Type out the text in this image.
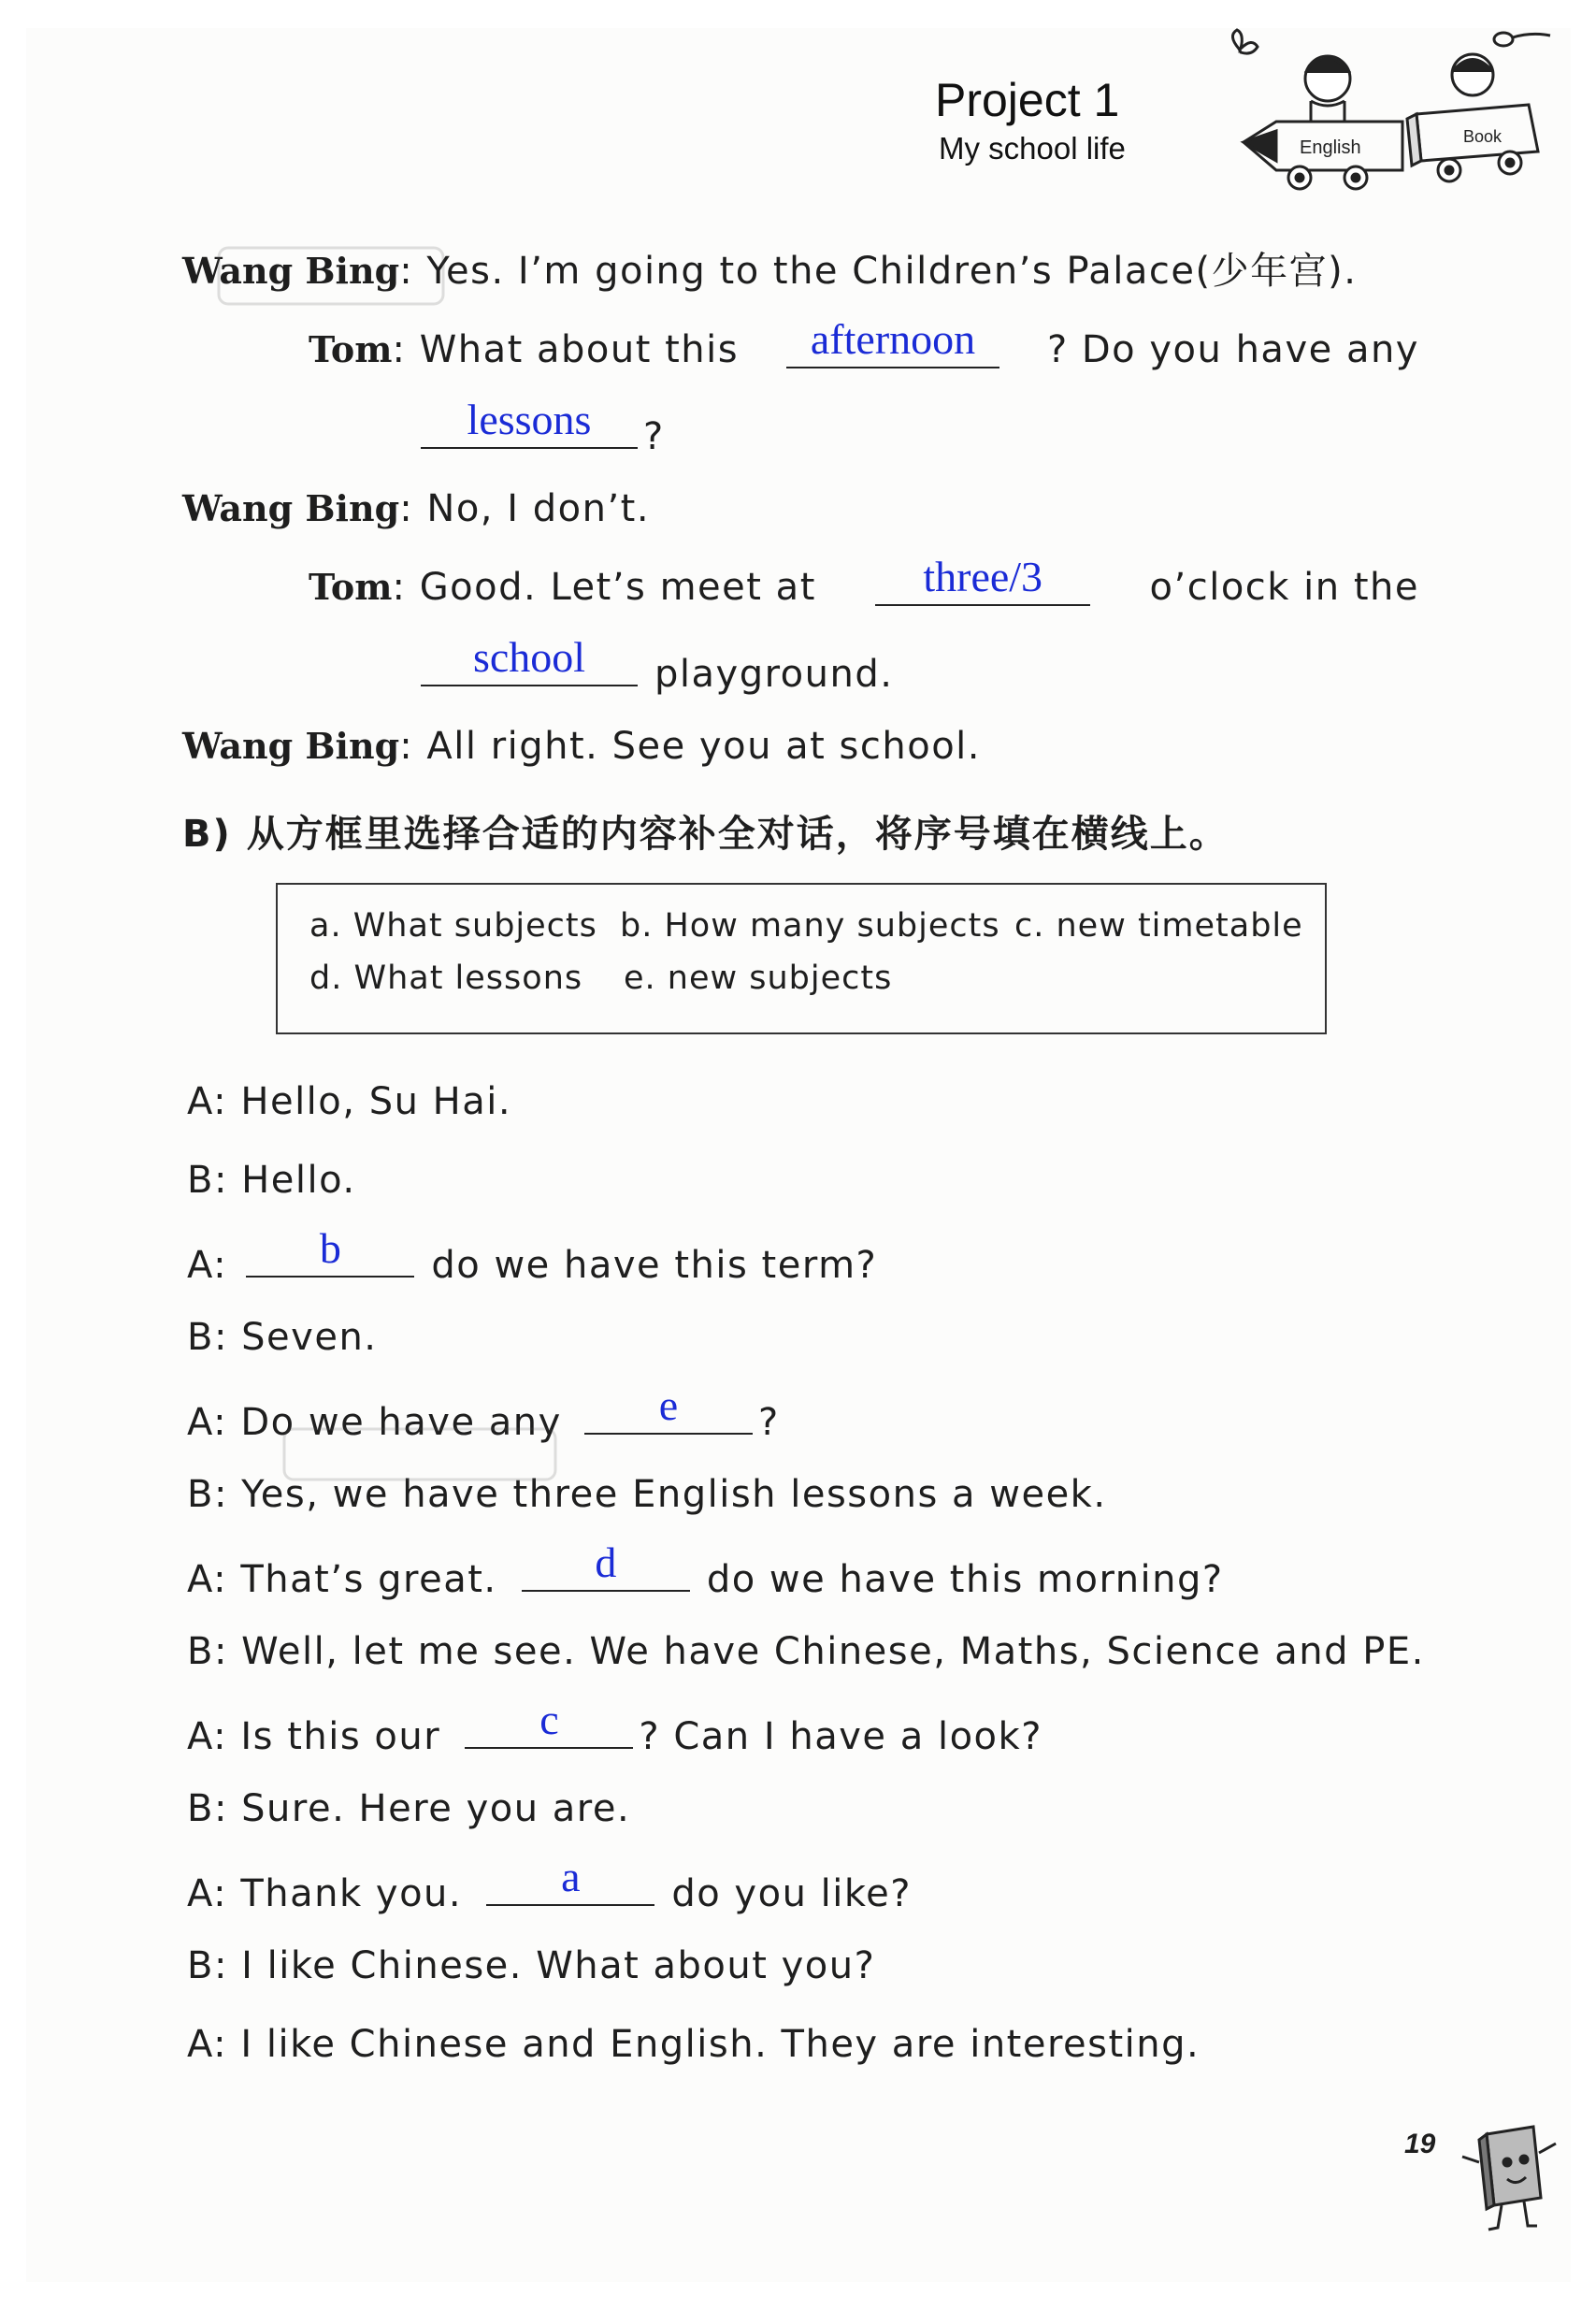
Project 1
My school life	English
Book
Wang Bing: Yes. I’m going to the Children’s Palace(少年宫).
Tom: What about this	afternoon	? Do you have any
lessons	?
Wang Bing: No, I don’t.
Tom: Good. Let’s meet at	three/3	o’clock in the
school	playground.
Wang Bing: All right. See you at school.
B) 从方框里选择合适的内容补全对话，将序号填在横线上。
a. What subjects b. How many subjects c. new timetable
d. What lessons e. new subjects
A: Hello, Su Hai.
B: Hello.
A:	b	do we have this term?
B: Seven.
A: Do we have any	e	?
B: Yes, we have three English lessons a week.
A: That’s great.	d	do we have this morning?
B: Well, let me see. We have Chinese, Maths, Science and PE.
A: Is this our	c	? Can I have a look?
B: Sure. Here you are.
A: Thank you.	a	do you like?
B: I like Chinese. What about you?
A: I like Chinese and English. They are interesting.
19
